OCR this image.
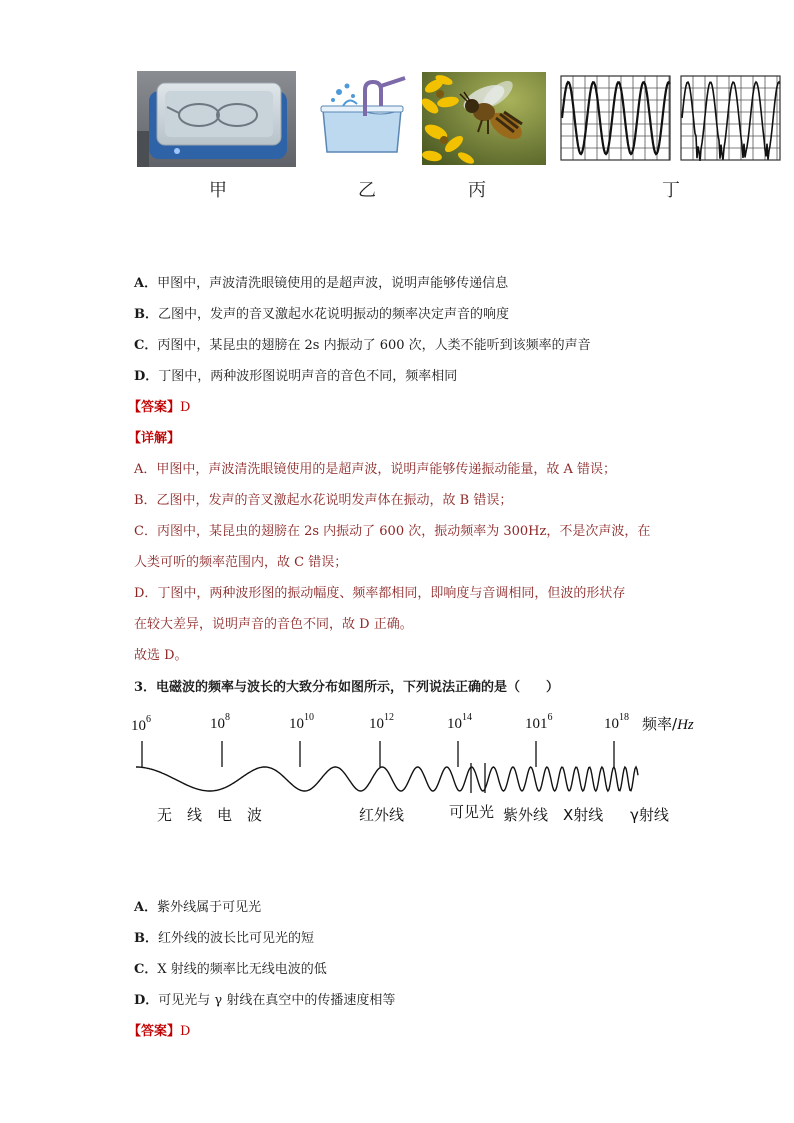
甲	乙	丙	丁
A．甲图中，声波清洗眼镜使用的是超声波，说明声能够传递信息
B．乙图中，发声的音叉激起水花说明振动的频率决定声音的响度
C．丙图中，某昆虫的翅膀在 2s 内振动了 600 次，人类不能听到该频率的声音
D．丁图中，两种波形图说明声音的音色不同，频率相同
【答案】D
【详解】
A．甲图中，声波清洗眼镜使用的是超声波，说明声能够传递振动能量，故 A 错误；
B．乙图中，发声的音叉激起水花说明发声体在振动，故 B 错误；
C．丙图中，某昆虫的翅膀在 2s 内振动了 600 次，振动频率为 300Hz，不是次声波，在
人类可听的频率范围内，故 C 错误；
D．丁图中，两种波形图的振动幅度、频率都相同，即响度与音调相同，但波的形状存
在较大差异，说明声音的音色不同，故 D 正确。
故选 D。
3．电磁波的频率与波长的大致分布如图所示，下列说法正确的是（　　）
$10^6$	$10^8$	$10^{10}$	$10^{12}$	$10^{14}$	$101^6$	$10^{18}$ 频率/Hz
无　线　电　波	红外线	可见光 紫外线 X射线 γ射线
A．紫外线属于可见光
B．红外线的波长比可见光的短
C．X 射线的频率比无线电波的低
D．可见光与 γ 射线在真空中的传播速度相等
【答案】D
